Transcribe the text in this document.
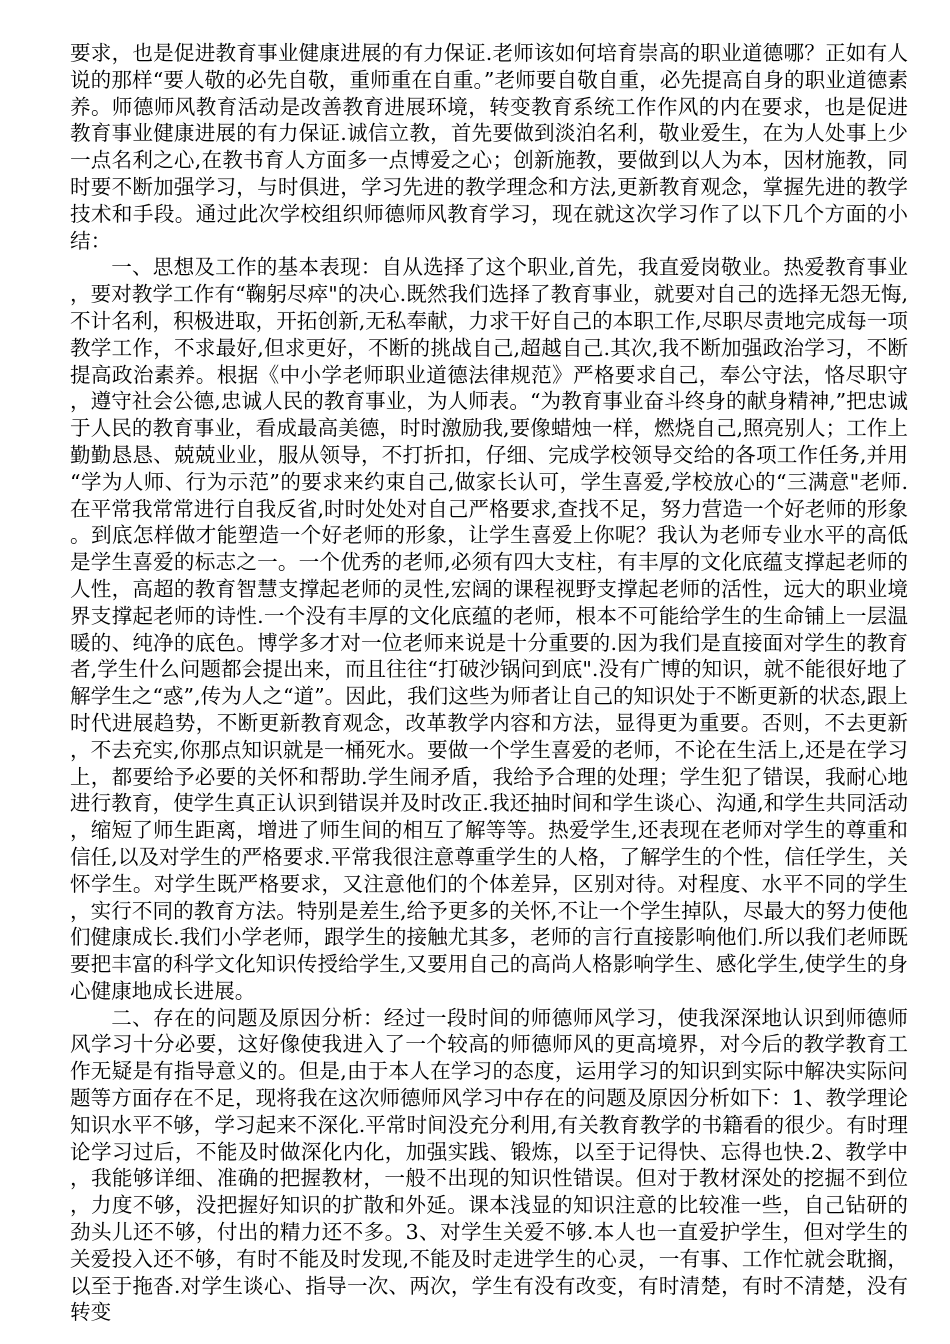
要求，也是促进教育事业健康进展的有力保证.老师该如何培育崇高的职业道德哪？正如有人说的那样“要人敬的必先自敬，重师重在自重。”老师要自敬自重，必先提高自身的职业道德素养。师德师风教育活动是改善教育进展环境，转变教育系统工作作风的内在要求，也是促进教育事业健康进展的有力保证.诚信立教，首先要做到淡泊名利，敬业爱生，在为人处事上少一点名利之心,在教书育人方面多一点博爱之心；创新施教，要做到以人为本，因材施教，同时要不断加强学习，与时俱进，学习先进的教学理念和方法,更新教育观念，掌握先进的教学技术和手段。通过此次学校组织师德师风教育学习，现在就这次学习作了以下几个方面的小结：

一、思想及工作的基本表现：自从选择了这个职业,首先，我直爱岗敬业。热爱教育事业，要对教学工作有“鞠躬尽瘁"的决心.既然我们选择了教育事业，就要对自己的选择无怨无悔,不计名利，积极进取，开拓创新,无私奉献，力求干好自己的本职工作,尽职尽责地完成每一项教学工作，不求最好,但求更好，不断的挑战自己,超越自己.其次,我不断加强政治学习，不断提高政治素养。根据《中小学老师职业道德法律规范》严格要求自己，奉公守法，恪尽职守，遵守社会公德,忠诚人民的教育事业，为人师表。“为教育事业奋斗终身的献身精神,”把忠诚于人民的教育事业，看成最高美德，时时激励我,要像蜡烛一样，燃烧自己,照亮别人；工作上勤勤恳恳、兢兢业业，服从领导，不打折扣，仔细、完成学校领导交给的各项工作任务,并用“学为人师、行为示范”的要求来约束自己,做家长认可，学生喜爱,学校放心的“三满意"老师.在平常我常常进行自我反省,时时处处对自己严格要求,查找不足，努力营造一个好老师的形象。到底怎样做才能塑造一个好老师的形象，让学生喜爱上你呢？我认为老师专业水平的高低是学生喜爱的标志之一。一个优秀的老师,必须有四大支柱，有丰厚的文化底蕴支撑起老师的人性，高超的教育智慧支撑起老师的灵性,宏阔的课程视野支撑起老师的活性，远大的职业境界支撑起老师的诗性.一个没有丰厚的文化底蕴的老师，根本不可能给学生的生命铺上一层温暖的、纯净的底色。博学多才对一位老师来说是十分重要的.因为我们是直接面对学生的教育者,学生什么问题都会提出来，而且往往“打破沙锅问到底".没有广博的知识，就不能很好地了解学生之“惑”,传为人之“道”。因此，我们这些为师者让自己的知识处于不断更新的状态,跟上时代进展趋势，不断更新教育观念，改革教学内容和方法，显得更为重要。否则，不去更新，不去充实,你那点知识就是一桶死水。要做一个学生喜爱的老师，不论在生活上,还是在学习上，都要给予必要的关怀和帮助.学生闹矛盾，我给予合理的处理；学生犯了错误，我耐心地进行教育，使学生真正认识到错误并及时改正.我还抽时间和学生谈心、沟通,和学生共同活动，缩短了师生距离，增进了师生间的相互了解等等。热爱学生,还表现在老师对学生的尊重和信任,以及对学生的严格要求.平常我很注意尊重学生的人格，了解学生的个性，信任学生，关怀学生。对学生既严格要求，又注意他们的个体差异，区别对待。对程度、水平不同的学生，实行不同的教育方法。特别是差生,给予更多的关怀,不让一个学生掉队，尽最大的努力使他们健康成长.我们小学老师，跟学生的接触尤其多，老师的言行直接影响他们.所以我们老师既要把丰富的科学文化知识传授给学生,又要用自己的高尚人格影响学生、感化学生,使学生的身心健康地成长进展。

二、存在的问题及原因分析：经过一段时间的师德师风学习，使我深深地认识到师德师风学习十分必要，这好像使我进入了一个较高的师德师风的更高境界，对今后的教学教育工作无疑是有指导意义的。但是,由于本人在学习的态度，运用学习的知识到实际中解决实际问题等方面存在不足，现将我在这次师德师风学习中存在的问题及原因分析如下：1、教学理论知识水平不够，学习起来不深化.平常时间没充分利用,有关教育教学的书籍看的很少。有时理论学习过后，不能及时做深化内化，加强实践、锻炼，以至于记得快、忘得也快.2、教学中，我能够详细、准确的把握教材，一般不出现的知识性错误。但对于教材深处的挖掘不到位，力度不够，没把握好知识的扩散和外延。课本浅显的知识注意的比较准一些，自己钻研的劲头儿还不够，付出的精力还不多。3、对学生关爱不够.本人也一直爱护学生，但对学生的关爱投入还不够，有时不能及时发现,不能及时走进学生的心灵，一有事、工作忙就会耽搁，以至于拖沓.对学生谈心、指导一次、两次，学生有没有改变，有时清楚，有时不清楚，没有转变
